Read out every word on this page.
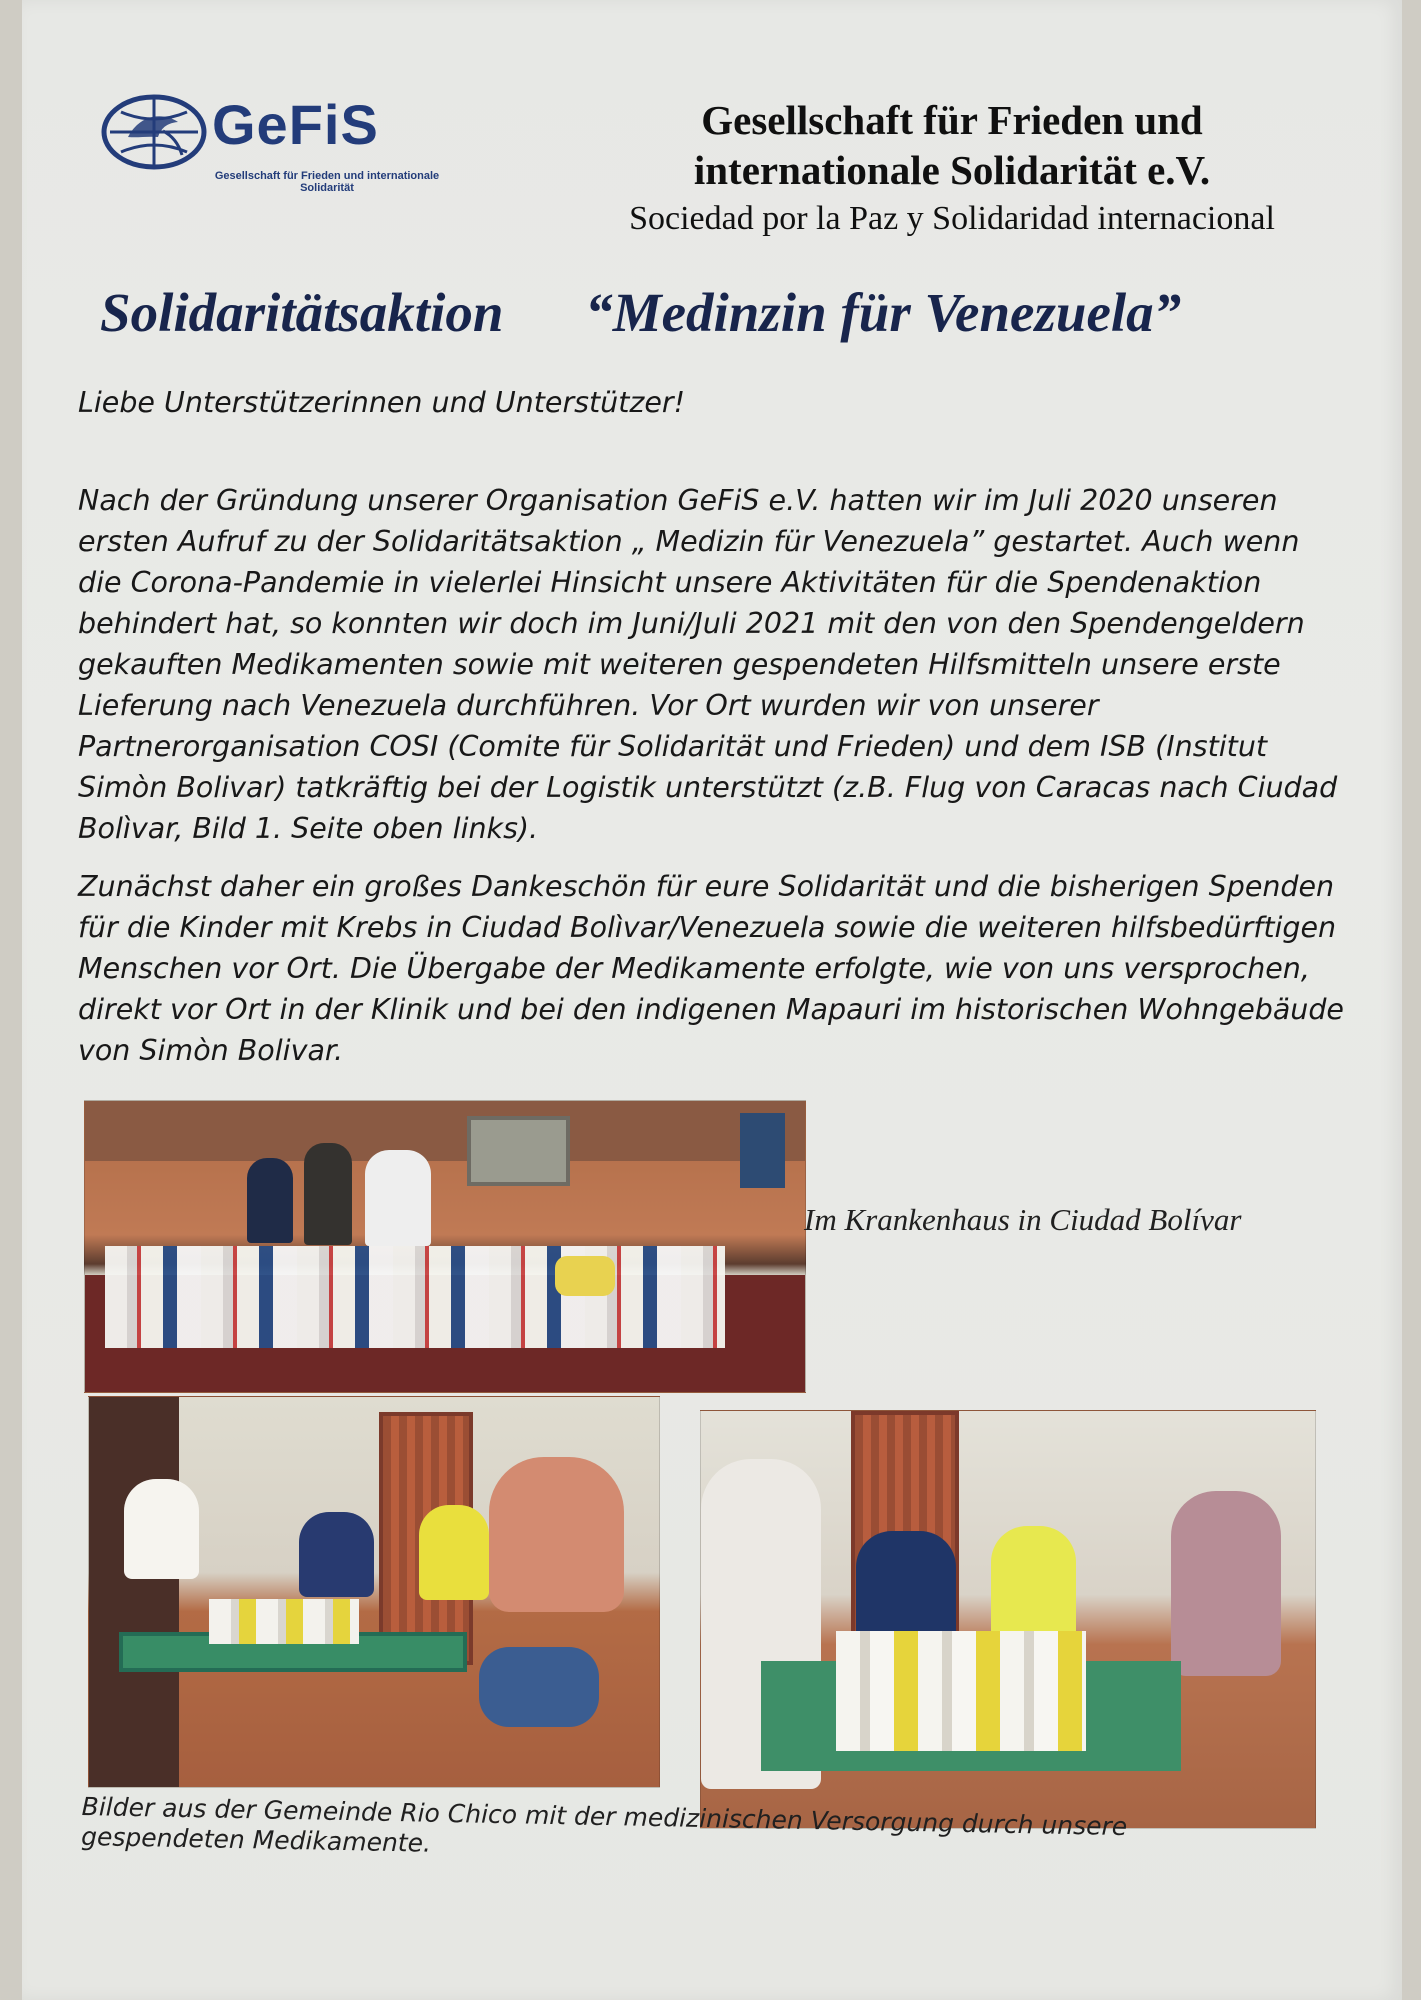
GeFiS
Gesellschaft für Frieden und internationale Solidarität
Gesellschaft für Frieden und
internationale Solidarität e.V.
Sociedad por la Paz y Solidaridad internacional
Solidaritätsaktion “Medinzin für Venezuela”

Liebe Unterstützerinnen und Unterstützer!

Nach der Gründung unserer Organisation GeFiS e.V. hatten wir im Juli 2020 unseren ersten Aufruf zu der Solidaritätsaktion „ Medizin für Venezuela” gestartet. Auch wenn die Corona-Pandemie in vielerlei Hinsicht unsere Aktivitäten für die Spendenaktion behindert hat, so konnten wir doch im Juni/Juli 2021 mit den von den Spendengeldern gekauften Medikamenten sowie mit weiteren gespendeten Hilfsmitteln unsere erste Lieferung nach Venezuela durchführen. Vor Ort wurden wir von unserer Partnerorganisation COSI (Comite für Solidarität und Frieden) und dem ISB (Institut Simòn Bolivar) tatkräftig bei der Logistik unterstützt (z.B. Flug von Caracas nach Ciudad Bolìvar, Bild 1. Seite oben links).

Zunächst daher ein großes Dankeschön für eure Solidarität und die bisherigen Spenden für die Kinder mit Krebs in Ciudad Bolìvar/Venezuela sowie die weiteren hilfsbedürftigen Menschen vor Ort. Die Übergabe der Medikamente erfolgte, wie von uns versprochen, direkt vor Ort in der Klinik und bei den indigenen Mapauri im historischen Wohngebäude von Simòn Bolivar.

Im Krankenhaus in Ciudad Bolívar
Bilder aus der Gemeinde Rio Chico mit der medizinischen Versorgung durch unsere gespendeten Medikamente.
